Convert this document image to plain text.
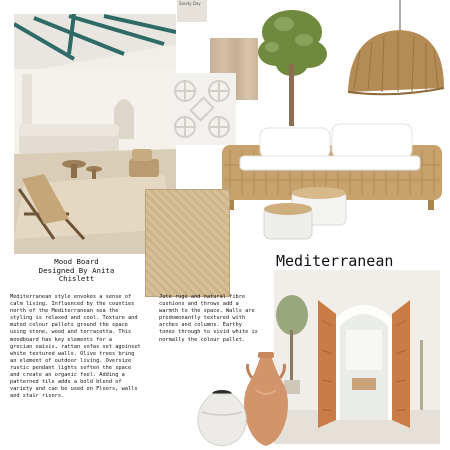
Sandy Day
Mood Board
Designed By Anita
Chislett
Mediterranean
Mediterranean style envokes a sense of
calm living. Influenced by the counties
north of the Mediterranean sea the
styling is relaxed and cool. Texture and
muted colour pallets ground the space
using stone, wood and terracotta. This
moodboard has key elements for a
grecian oaisis, rattan sofas set agoinset
white textured walls. Olive trees bring
an element of outdoor living. Oversize
rustic pendant lights soften the space
and create an organic feel. Adding a
patterned tile adds a bold blend of
variety and can be used on Floors, walls
and stair risers.
Jute rugs and natural fibre
cushions and throws add a
warmth to the space. Walls are
predomonantly textured with
arches and columns. Earthy
tones through to vivid white is
normally the colour pallet.
